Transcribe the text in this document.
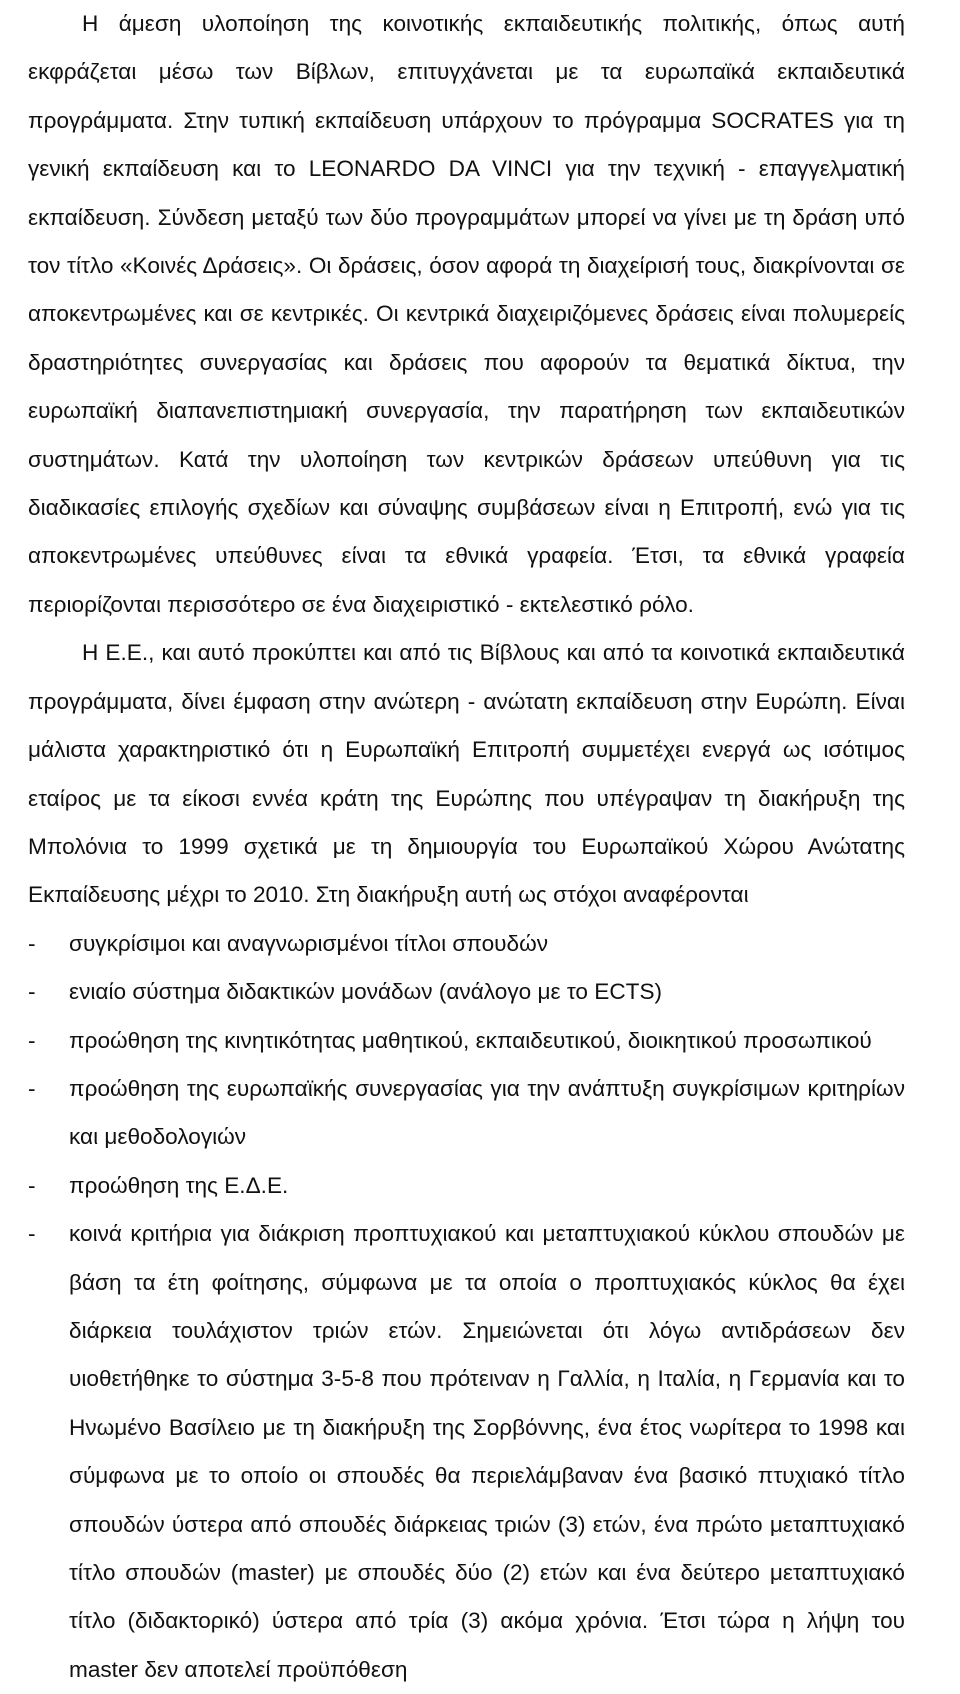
Η άμεση υλοποίηση της κοινοτικής εκπαιδευτικής πολιτικής, όπως αυτή εκφράζεται μέσω των Βίβλων, επιτυγχάνεται με τα ευρωπαϊκά εκπαιδευτικά προγράμματα. Στην τυπική εκπαίδευση υπάρχουν το πρόγραμμα SOCRATES για τη γενική εκπαίδευση και το LEONARDO DA VINCI για την τεχνική - επαγγελματική εκπαίδευση. Σύνδεση μεταξύ των δύο προγραμμάτων μπορεί να γίνει με τη δράση υπό τον τίτλο «Κοινές Δράσεις». Οι δράσεις, όσον αφορά τη διαχείρισή τους, διακρίνονται σε αποκεντρωμένες και σε κεντρικές. Οι κεντρικά διαχειριζόμενες δράσεις είναι πολυμερείς δραστηριότητες συνεργασίας και δράσεις που αφορούν τα θεματικά δίκτυα, την ευρωπαϊκή διαπανεπιστημιακή συνεργασία, την παρατήρηση των εκπαιδευτικών συστημάτων. Κατά την υλοποίηση των κεντρικών δράσεων υπεύθυνη για τις διαδικασίες επιλογής σχεδίων και σύναψης συμβάσεων είναι η Επιτροπή, ενώ για τις αποκεντρωμένες υπεύθυνες είναι τα εθνικά γραφεία. Έτσι, τα εθνικά γραφεία περιορίζονται περισσότερο σε ένα διαχειριστικό - εκτελεστικό ρόλο.

Η Ε.Ε., και αυτό προκύπτει και από τις Βίβλους και από τα κοινοτικά εκπαιδευτικά προγράμματα, δίνει έμφαση στην ανώτερη - ανώτατη εκπαίδευση στην Ευρώπη. Είναι μάλιστα χαρακτηριστικό ότι η Ευρωπαϊκή Επιτροπή συμμετέχει ενεργά ως ισότιμος εταίρος με τα είκοσι εννέα κράτη της Ευρώπης που υπέγραψαν τη διακήρυξη της Μπολόνια το 1999 σχετικά με τη δημιουργία του Ευρωπαϊκού Χώρου Ανώτατης Εκπαίδευσης μέχρι το 2010. Στη διακήρυξη αυτή ως στόχοι αναφέρονται

-	συγκρίσιμοι και αναγνωρισμένοι τίτλοι σπουδών
-	ενιαίο σύστημα διδακτικών μονάδων (ανάλογο με το ECTS)
-	προώθηση της κινητικότητας μαθητικού, εκπαιδευτικού, διοικητικού προσωπικού
-	προώθηση της ευρωπαϊκής συνεργασίας για την ανάπτυξη συγκρίσιμων κριτηρίων και μεθοδολογιών
-	προώθηση της Ε.Δ.Ε.
-	κοινά κριτήρια για διάκριση προπτυχιακού και μεταπτυχιακού κύκλου σπουδών με βάση τα έτη φοίτησης, σύμφωνα με τα οποία ο προπτυχιακός κύκλος θα έχει διάρκεια τουλάχιστον τριών ετών. Σημειώνεται ότι λόγω αντιδράσεων δεν υιοθετήθηκε το σύστημα 3-5-8 που πρότειναν η Γαλλία, η Ιταλία, η Γερμανία και το Ηνωμένο Βασίλειο με τη διακήρυξη της Σορβόννης, ένα έτος νωρίτερα το 1998 και σύμφωνα με το οποίο οι σπουδές θα περιελάμβαναν ένα βασικό πτυχιακό τίτλο σπουδών ύστερα από σπουδές διάρκειας τριών (3) ετών, ένα πρώτο μεταπτυχιακό τίτλο σπουδών (master) με σπουδές δύο (2) ετών και ένα δεύτερο μεταπτυχιακό τίτλο (διδακτορικό) ύστερα από τρία (3) ακόμα χρόνια. Έτσι τώρα η λήψη του master δεν αποτελεί προϋπόθεση
